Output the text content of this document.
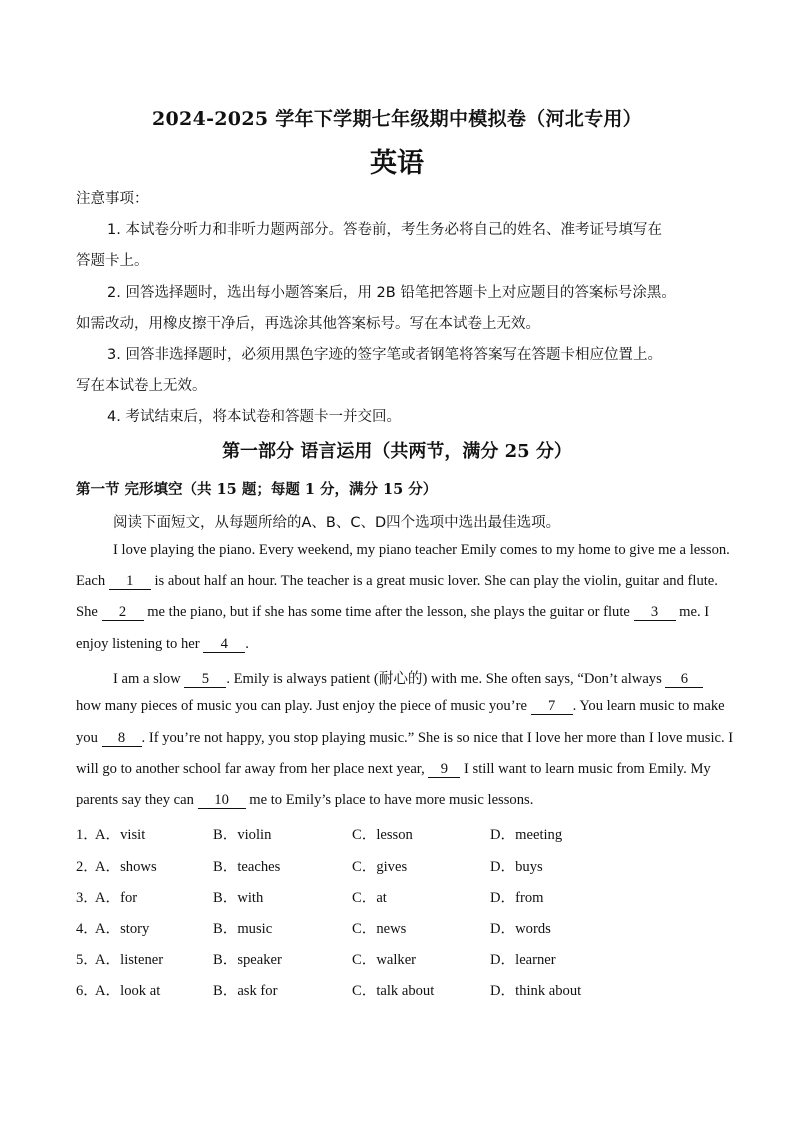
2024-2025 学年下学期七年级期中模拟卷（河北专用）
英语
注意事项：
1. 本试卷分听力和非听力题两部分。答卷前，考生务必将自己的姓名、准考证号填写在
答题卡上。
2. 回答选择题时，选出每小题答案后，用 2B 铅笔把答题卡上对应题目的答案标号涂黑。
如需改动，用橡皮擦干净后，再选涂其他答案标号。写在本试卷上无效。
3. 回答非选择题时，必须用黑色字迹的签字笔或者钢笔将答案写在答题卡相应位置上。
写在本试卷上无效。
4. 考试结束后，将本试卷和答题卡一并交回。
第一部分 语言运用（共两节，满分 25 分）
第一节 完形填空（共 15 题；每题 1 分，满分 15 分）
阅读下面短文，从每题所给的A、B、C、D四个选项中选出最佳选项。
I love playing the piano. Every weekend, my piano teacher Emily comes to my home to give me a lesson.
Each 1 is about half an hour. The teacher is a great music lover. She can play the violin, guitar and flute.
She 2 me the piano, but if she has some time after the lesson, she plays the guitar or flute 3 me. I
enjoy listening to her 4 .
I am a slow 5 . Emily is always patient (耐心的) with me. She often says, “Don’t always 6
how many pieces of music you can play. Just enjoy the piece of music you’re 7 . You learn music to make
you 8 . If you’re not happy, you stop playing music.” She is so nice that I love her more than I love music. I
will go to another school far away from her place next year, 9 I still want to learn music from Emily. My
parents say they can 10 me to Emily’s place to have more music lessons.
1．
A．visit	B．violin	C．lesson	D．meeting
2．
A．shows	B．teaches	C．gives	D．buys
3．
A．for	B．with	C．at	D．from
4．
A．story	B．music	C．news	D．words
5．
A．listener	B．speaker	C．walker	D．learner
6．
A．look at	B．ask for	C．talk about	D．think about
